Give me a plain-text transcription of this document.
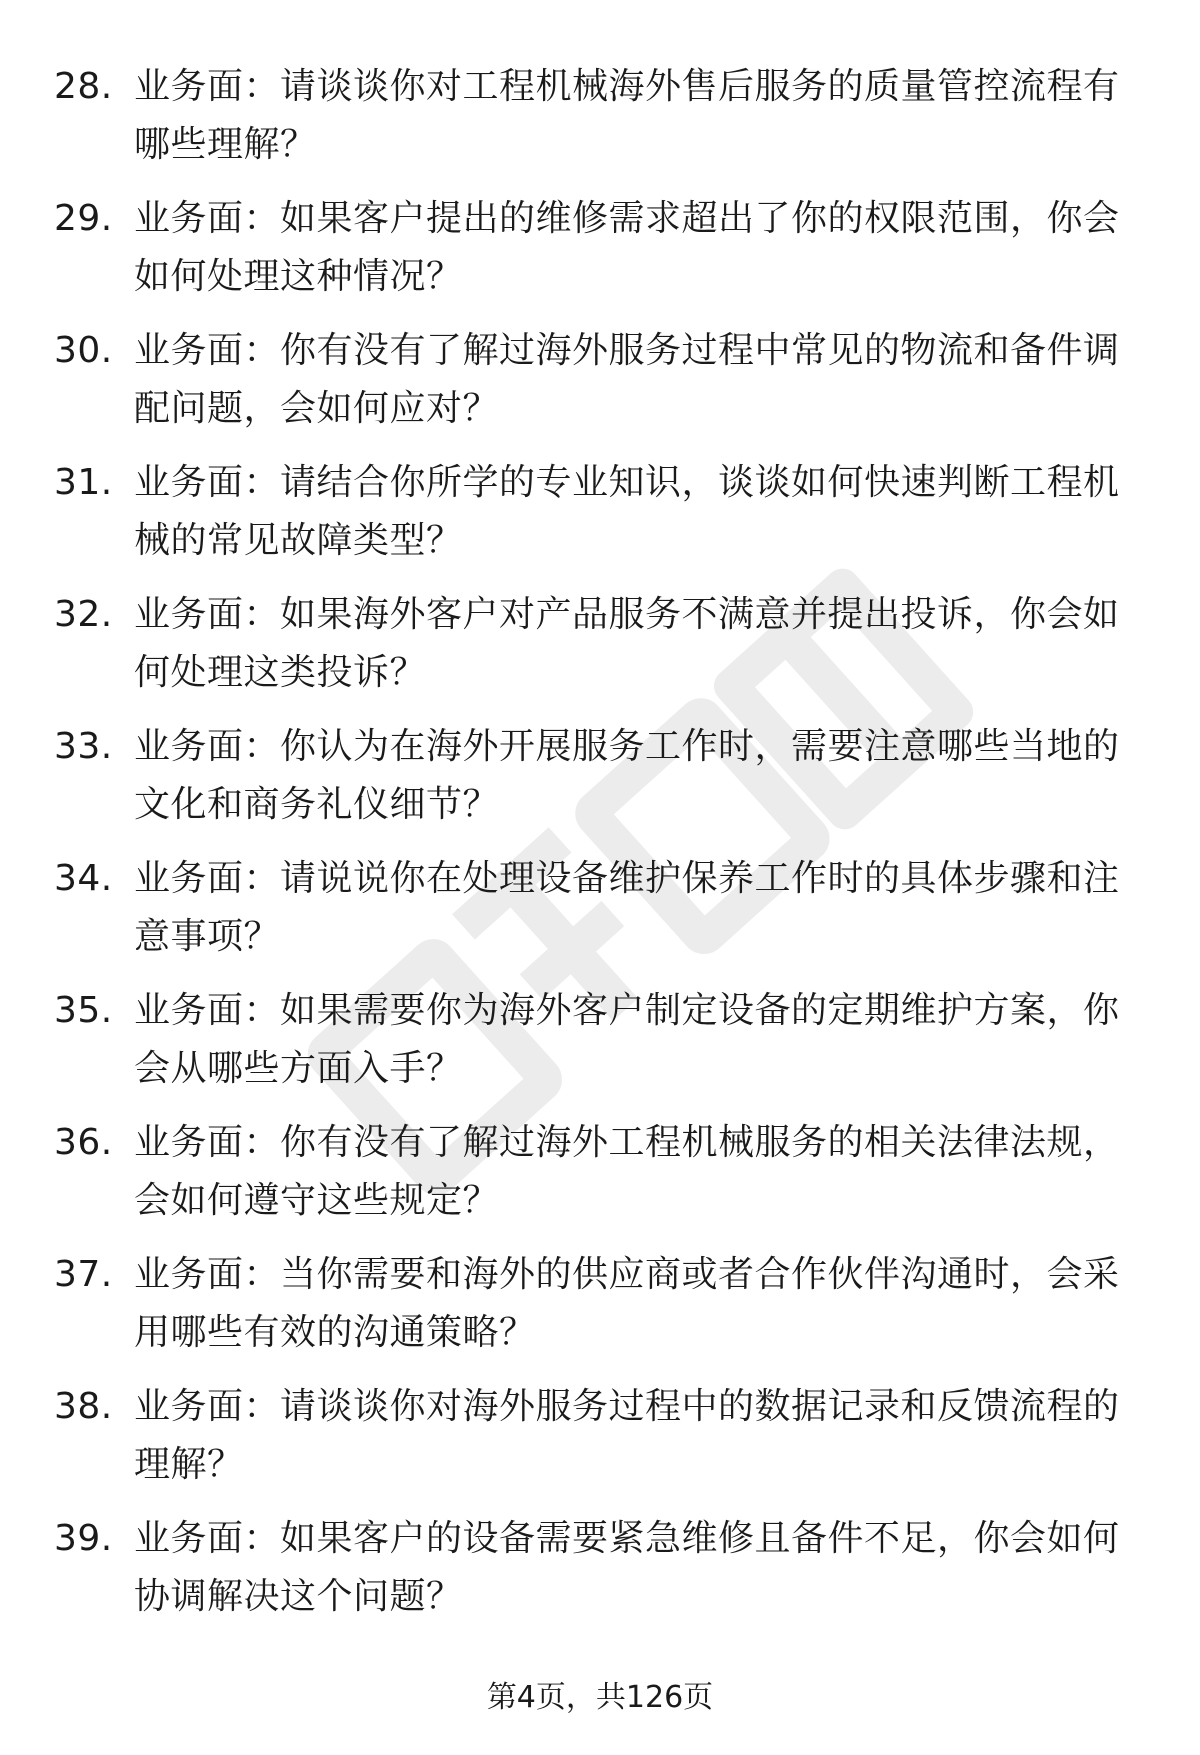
28. 业务面：请谈谈你对工程机械海外售后服务的质量管控流程有哪些理解？
29. 业务面：如果客户提出的维修需求超出了你的权限范围，你会如何处理这种情况？
30. 业务面：你有没有了解过海外服务过程中常见的物流和备件调配问题，会如何应对？
31. 业务面：请结合你所学的专业知识，谈谈如何快速判断工程机械的常见故障类型？
32. 业务面：如果海外客户对产品服务不满意并提出投诉，你会如何处理这类投诉？
33. 业务面：你认为在海外开展服务工作时，需要注意哪些当地的文化和商务礼仪细节？
34. 业务面：请说说你在处理设备维护保养工作时的具体步骤和注意事项？
35. 业务面：如果需要你为海外客户制定设备的定期维护方案，你会从哪些方面入手？
36. 业务面：你有没有了解过海外工程机械服务的相关法律法规，会如何遵守这些规定？
37. 业务面：当你需要和海外的供应商或者合作伙伴沟通时，会采用哪些有效的沟通策略？
38. 业务面：请谈谈你对海外服务过程中的数据记录和反馈流程的理解？
39. 业务面：如果客户的设备需要紧急维修且备件不足，你会如何协调解决这个问题？
第4页，共126页
